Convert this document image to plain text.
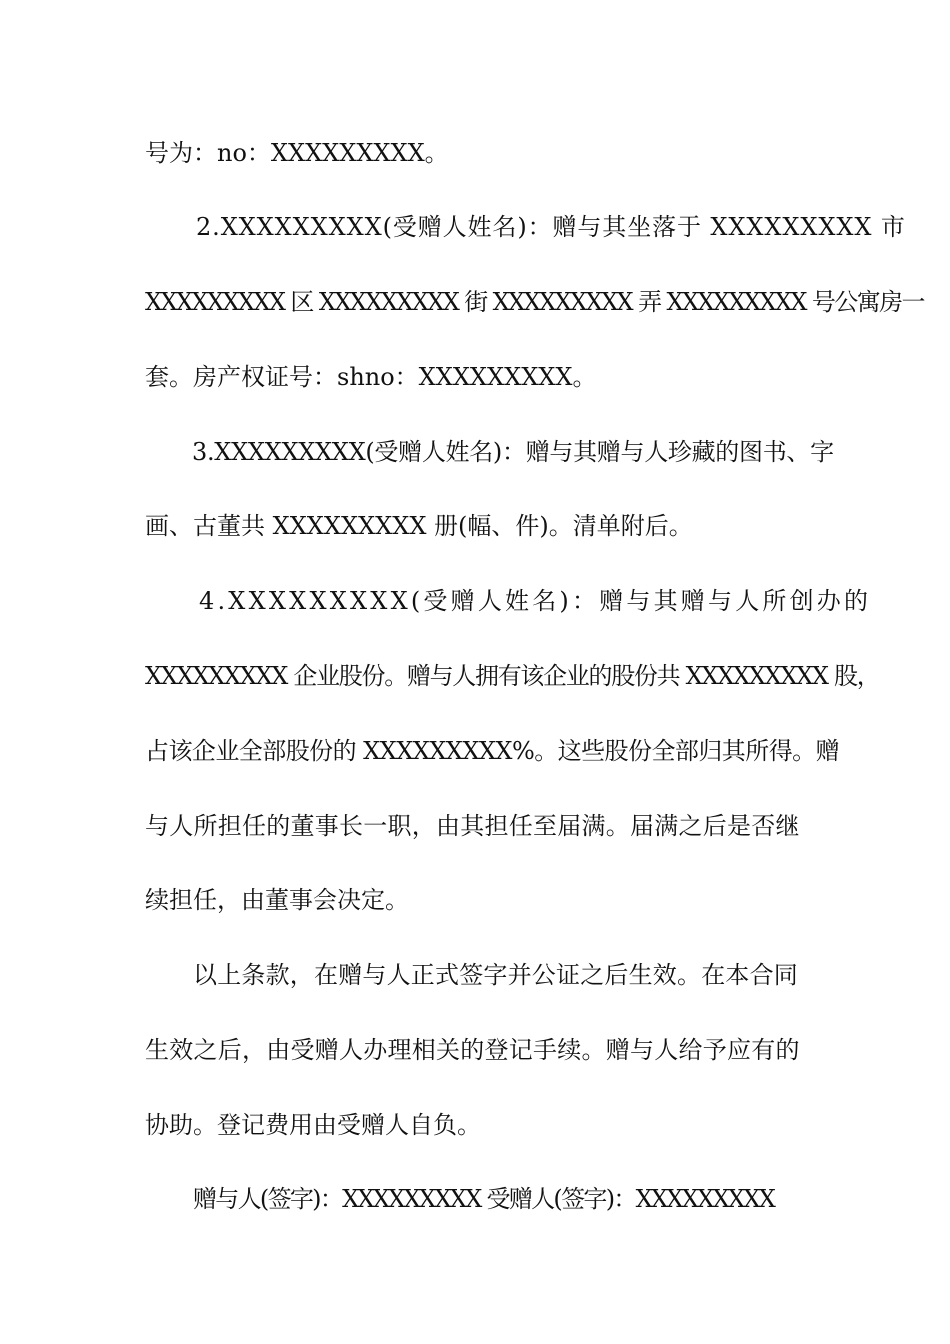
号为：no：XXXXXXXXX。
2.XXXXXXXXX(受赠人姓名)：赠与其坐落于 XXXXXXXXX 市
XXXXXXXXX 区 XXXXXXXXX 街 XXXXXXXXX 弄 XXXXXXXXX 号公寓房一
套。房产权证号：shno：XXXXXXXXX。
3.XXXXXXXXX(受赠人姓名)：赠与其赠与人珍藏的图书、字
画、古董共 XXXXXXXXX 册(幅、件)。清单附后。
4.XXXXXXXXX(受赠人姓名)：赠与其赠与人所创办的
XXXXXXXXX 企业股份。赠与人拥有该企业的股份共 XXXXXXXXX 股，
占该企业全部股份的 XXXXXXXXX%。这些股份全部归其所得。赠
与人所担任的董事长一职，由其担任至届满。届满之后是否继
续担任，由董事会决定。
以上条款，在赠与人正式签字并公证之后生效。在本合同
生效之后，由受赠人办理相关的登记手续。赠与人给予应有的
协助。登记费用由受赠人自负。
赠与人(签字)：XXXXXXXXX 受赠人(签字)：XXXXXXXXX
